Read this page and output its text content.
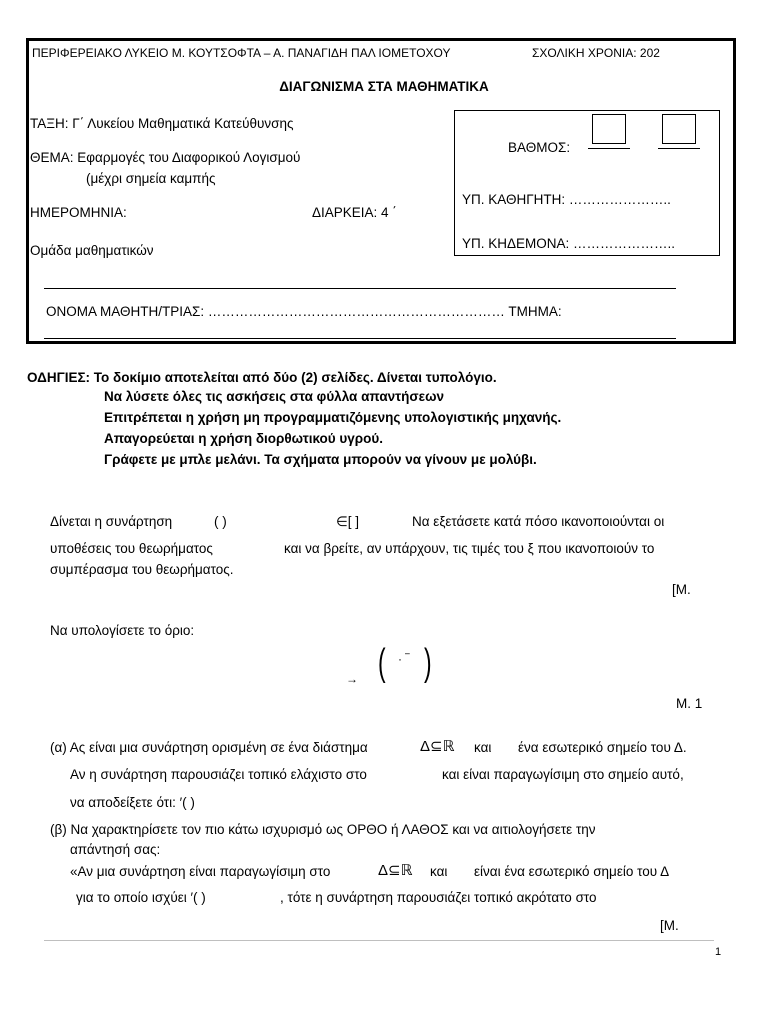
ΠΕΡΙΦΕΡΕΙΑΚΟ ΛΥΚΕΙΟ Μ. ΚΟΥΤΣΟΦΤΑ – Α. ΠΑΝΑΓΙΔΗ ΠΑΛ ΙΟΜΕΤΟΧΟΥ	ΣΧΟΛΙΚΗ ΧΡΟΝΙΑ: 202
ΔΙΑΓΩΝΙΣΜΑ ΣΤΑ ΜΑΘΗΜΑΤΙΚΑ
ΤΑΞΗ: Γ΄ Λυκείου Μαθηματικά Κατεύθυνσης
ΘΕΜΑ: Εφαρμογές του Διαφορικού Λογισμού
(μέχρι σημεία καμπής
ΗΜΕΡΟΜΗΝΙΑ:	ΔΙΑΡΚΕΙΑ: 4 ΄
Ομάδα μαθηματικών
ΒΑΘΜΟΣ:
ΥΠ. ΚΑΘΗΓΗΤΗ: …………………..
ΥΠ. ΚΗΔΕΜΟΝΑ: …………………..
ΟΝΟΜΑ ΜΑΘΗΤΗ/ΤΡΙΑΣ: ………………………………………………………… ΤΜΗΜΑ:
ΟΔΗΓΙΕΣ: Το δοκίμιο αποτελείται από δύο (2) σελίδες. Δίνεται τυπολόγιο.
Να λύσετε όλες τις ασκήσεις στα φύλλα απαντήσεων
Επιτρέπεται η χρήση μη προγραμματιζόμενης υπολογιστικής μηχανής.
Απαγορεύεται η χρήση διορθωτικού υγρού.
Γράφετε με μπλε μελάνι. Τα σχήματα μπορούν να γίνουν με μολύβι.
Δίνεται η συνάρτηση	( )	∈[ ]	Να εξετάσετε κατά πόσο ικανοποιούνται οι
υποθέσεις του θεωρήματος	και να βρείτε, αν υπάρχουν, τις τιμές του ξ που ικανοποιούν το
συμπέρασμα του θεωρήματος.
[Μ.
Να υπολογίσετε το όριο:
→ ( · ‾ )
Μ. 1
(α) Ας είναι μια συνάρτηση ορισμένη σε ένα διάστημα	Δ⊆ℝ και ένα εσωτερικό σημείο του Δ.
Αν η συνάρτηση παρουσιάζει τοπικό ελάχιστο στο	και είναι παραγωγίσιμη στο σημείο αυτό,
να αποδείξετε ότι: ′( )
(β) Να χαρακτηρίσετε τον πιο κάτω ισχυρισμό ως ΟΡΘΟ ή ΛΑΘΟΣ και να αιτιολογήσετε την
απάντησή σας:
«Αν μια συνάρτηση είναι παραγωγίσιμη στο	Δ⊆ℝ και είναι ένα εσωτερικό σημείο του Δ
για το οποίο ισχύει ′( )	, τότε η συνάρτηση παρουσιάζει τοπικό ακρότατο στο
[Μ.
1
